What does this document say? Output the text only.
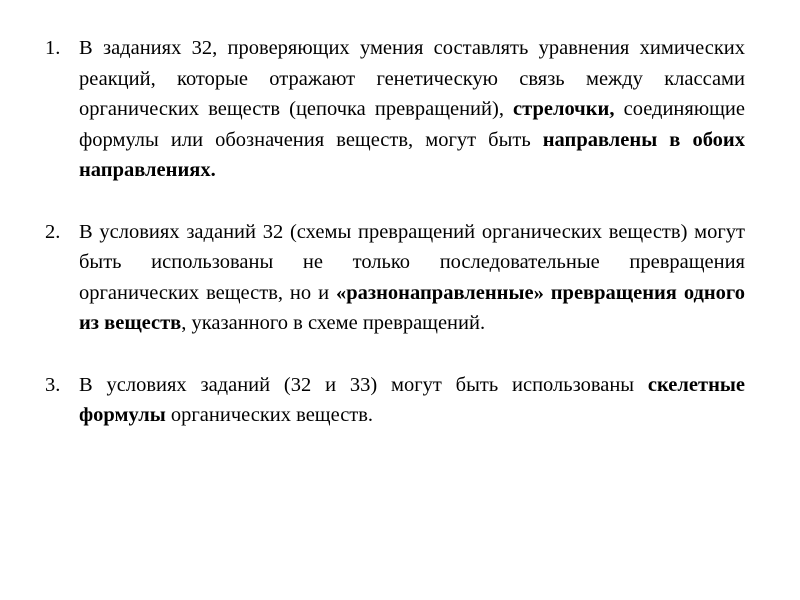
1. В заданиях 32, проверяющих умения составлять уравнения химических реакций, которые отражают генетическую связь между классами органических веществ (цепочка превращений), стрелочки, соединяющие формулы или обозначения веществ, могут быть направлены в обоих направлениях.
2. В условиях заданий 32 (схемы превращений органических веществ) могут быть использованы не только последовательные превращения органических веществ, но и «разнонаправленные» превращения одного из веществ, указанного в схеме превращений.
3. В условиях заданий (32 и 33) могут быть использованы скелетные формулы органических веществ.
